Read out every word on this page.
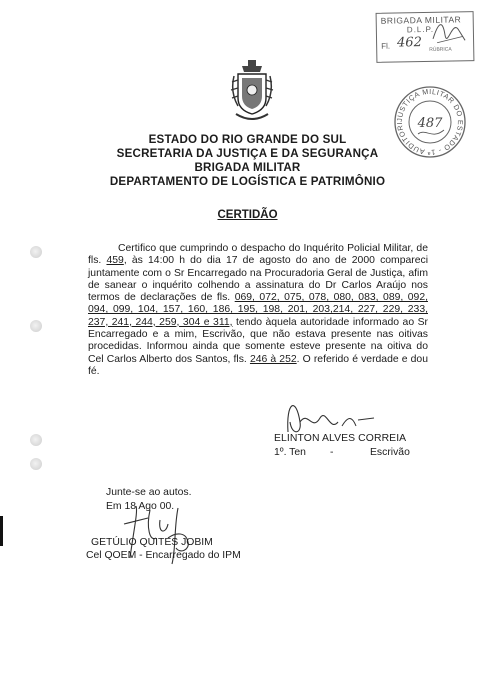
BRIGADA MILITAR
D.L.P.
Fl. 462 RÚBRICA
JUSTIÇA MILITAR DO ESTADO - 1ª AUDITORI	487
ESTADO DO RIO GRANDE DO SUL
SECRETARIA DA JUSTIÇA E DA SEGURANÇA
BRIGADA MILITAR
DEPARTAMENTO DE LOGÍSTICA E PATRIMÔNIO
CERTIDÃO
Certifico que cumprindo o despacho do Inquérito Policial Militar, de fls. 459, às 14:00 h do dia 17 de agosto do ano de 2000 compareci juntamente com o Sr Encarregado na Procuradoria Geral de Justiça, afim de sanear o inquérito colhendo a assinatura do Dr Carlos Araújo nos termos de declarações de fls. 069, 072, 075, 078, 080, 083, 089, 092, 094, 099, 104, 157, 160, 186, 195, 198, 201, 203,214, 227, 229, 233, 237, 241, 244, 259, 304 e 311, tendo àquela autoridade informado ao Sr Encarregado e a mim, Escrivão, que não estava presente nas oitivas procedidas. Informou ainda que somente esteve presente na oitiva do Cel Carlos Alberto dos Santos, fls. 246 à 252. O referido é verdade e dou fé.
ELINTON ALVES CORREIA
1º. Ten -	Escrivão
Junte-se ao autos.
Em 18 Ago 00.
GETÚLIO QUITES JOBIM
Cel QOEM - Encarregado do IPM
